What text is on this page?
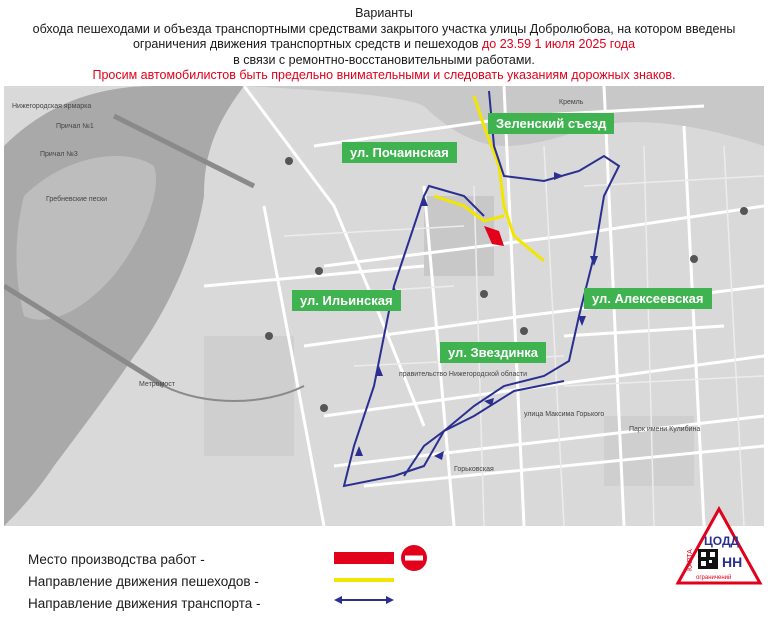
Варианты
обхода пешеходами и объезда транспортными средствами закрытого участка улицы Добролюбова, на котором введены
ограничения движения транспортных средств и пешеходов до 23.59 1 июля 2025 года
в связи с ремонтно-восстановительными работами.
Просим автомобилистов быть предельно внимательными и следовать указаниям дорожных знаков.
Нижегородская ярмарка
Причал №1
Причал №3
Гребневские пески
Кремль
Метромост
улица Максима Горького
Горьковская
Парк имени Кулибина
правительство Нижегородской области
ул. Почаинская
Зеленский съезд
ул. Ильинская	ул. Алексеевская
ул. Звездинка
Место производства работ -
Направление движения пешеходов -
Направление движения транспорта -
ЦОДД
НН
КАРТА
ограничений
